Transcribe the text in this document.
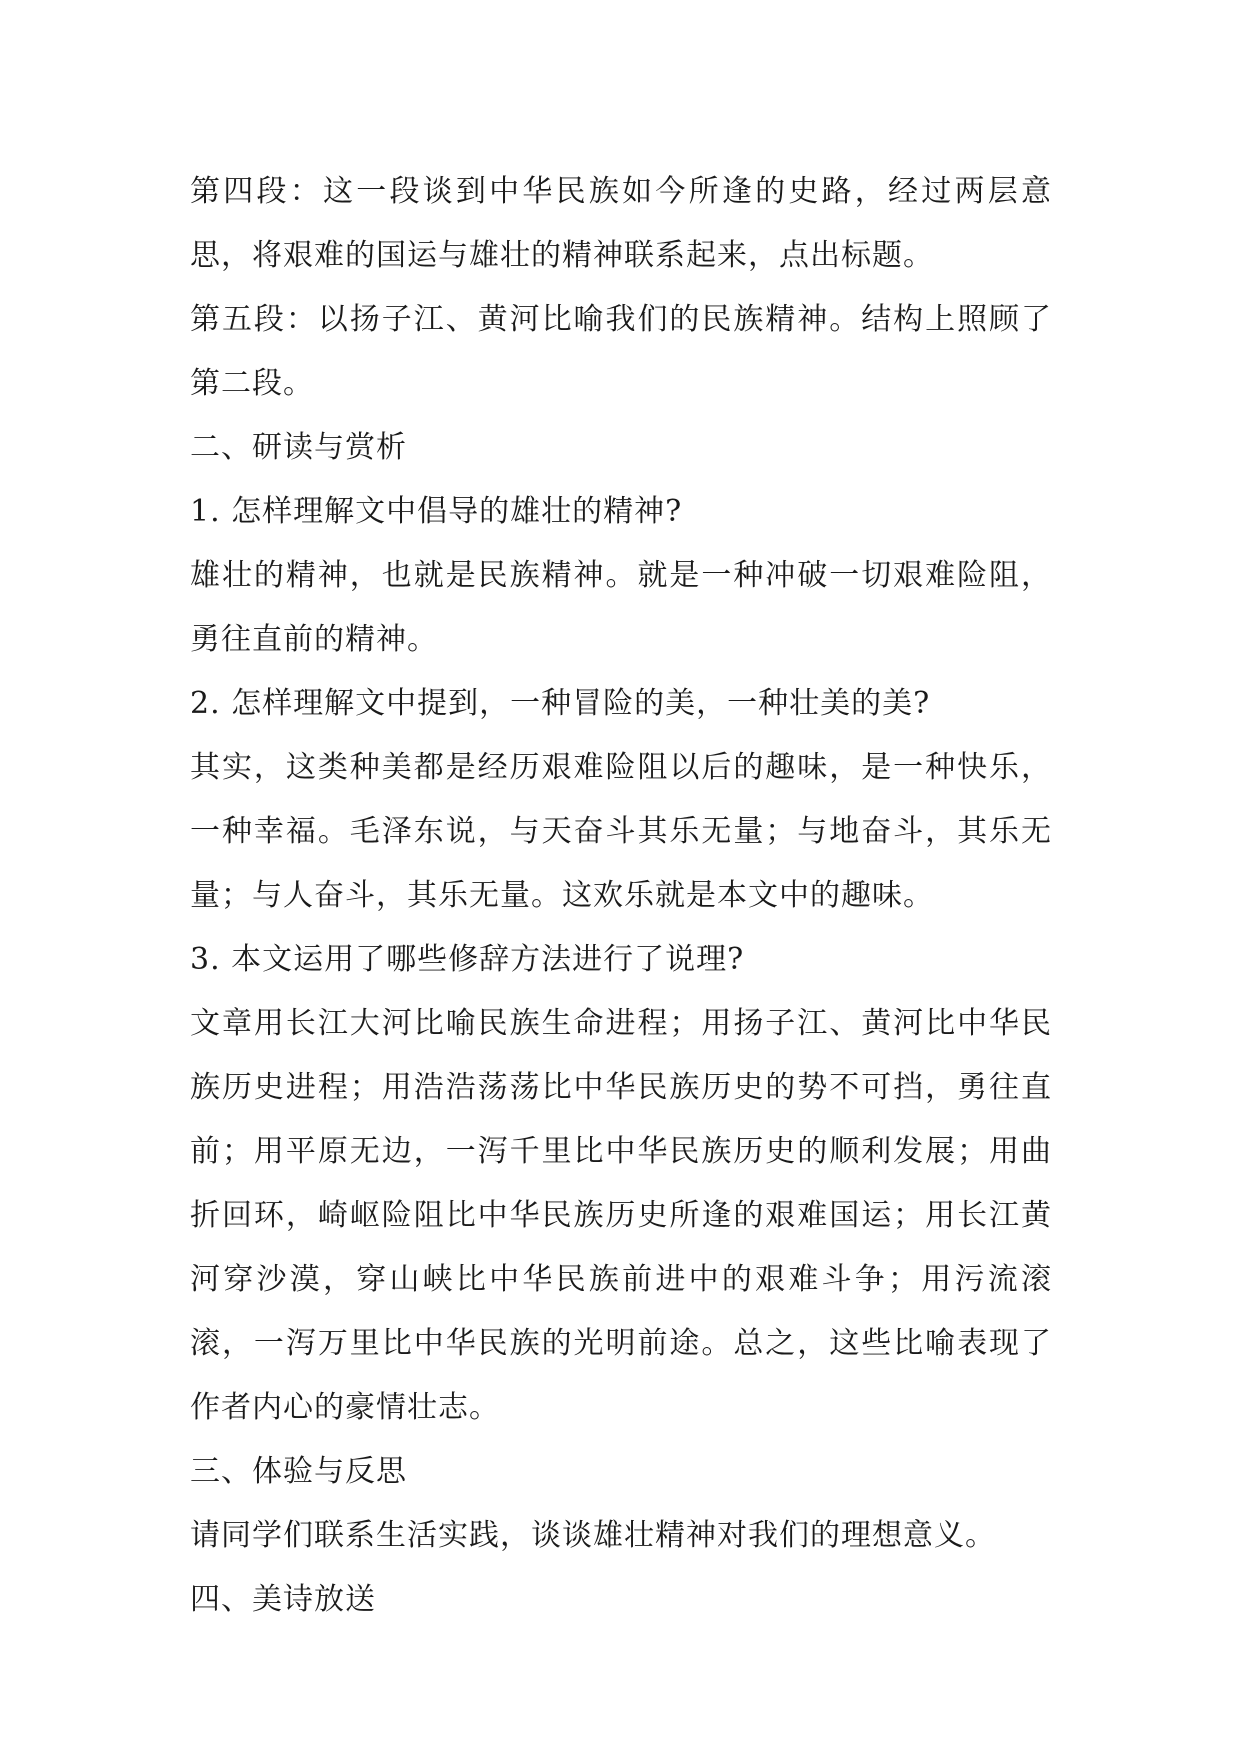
第四段：这一段谈到中华民族如今所逢的史路，经过两层意思，将艰难的国运与雄壮的精神联系起来，点出标题。

第五段：以扬子江、黄河比喻我们的民族精神。结构上照顾了第二段。

二、研读与赏析

1. 怎样理解文中倡导的雄壮的精神?

雄壮的精神，也就是民族精神。就是一种冲破一切艰难险阻，勇往直前的精神。

2. 怎样理解文中提到，一种冒险的美，一种壮美的美?

其实，这类种美都是经历艰难险阻以后的趣味，是一种快乐，一种幸福。毛泽东说，与天奋斗其乐无量；与地奋斗，其乐无量；与人奋斗，其乐无量。这欢乐就是本文中的趣味。

3. 本文运用了哪些修辞方法进行了说理?

文章用长江大河比喻民族生命进程；用扬子江、黄河比中华民族历史进程；用浩浩荡荡比中华民族历史的势不可挡，勇往直前；用平原无边，一泻千里比中华民族历史的顺利发展；用曲折回环，崎岖险阻比中华民族历史所逢的艰难国运；用长江黄河穿沙漠，穿山峡比中华民族前进中的艰难斗争；用污流滚滚，一泻万里比中华民族的光明前途。总之，这些比喻表现了作者内心的豪情壮志。

三、体验与反思

请同学们联系生活实践，谈谈雄壮精神对我们的理想意义。

四、美诗放送
